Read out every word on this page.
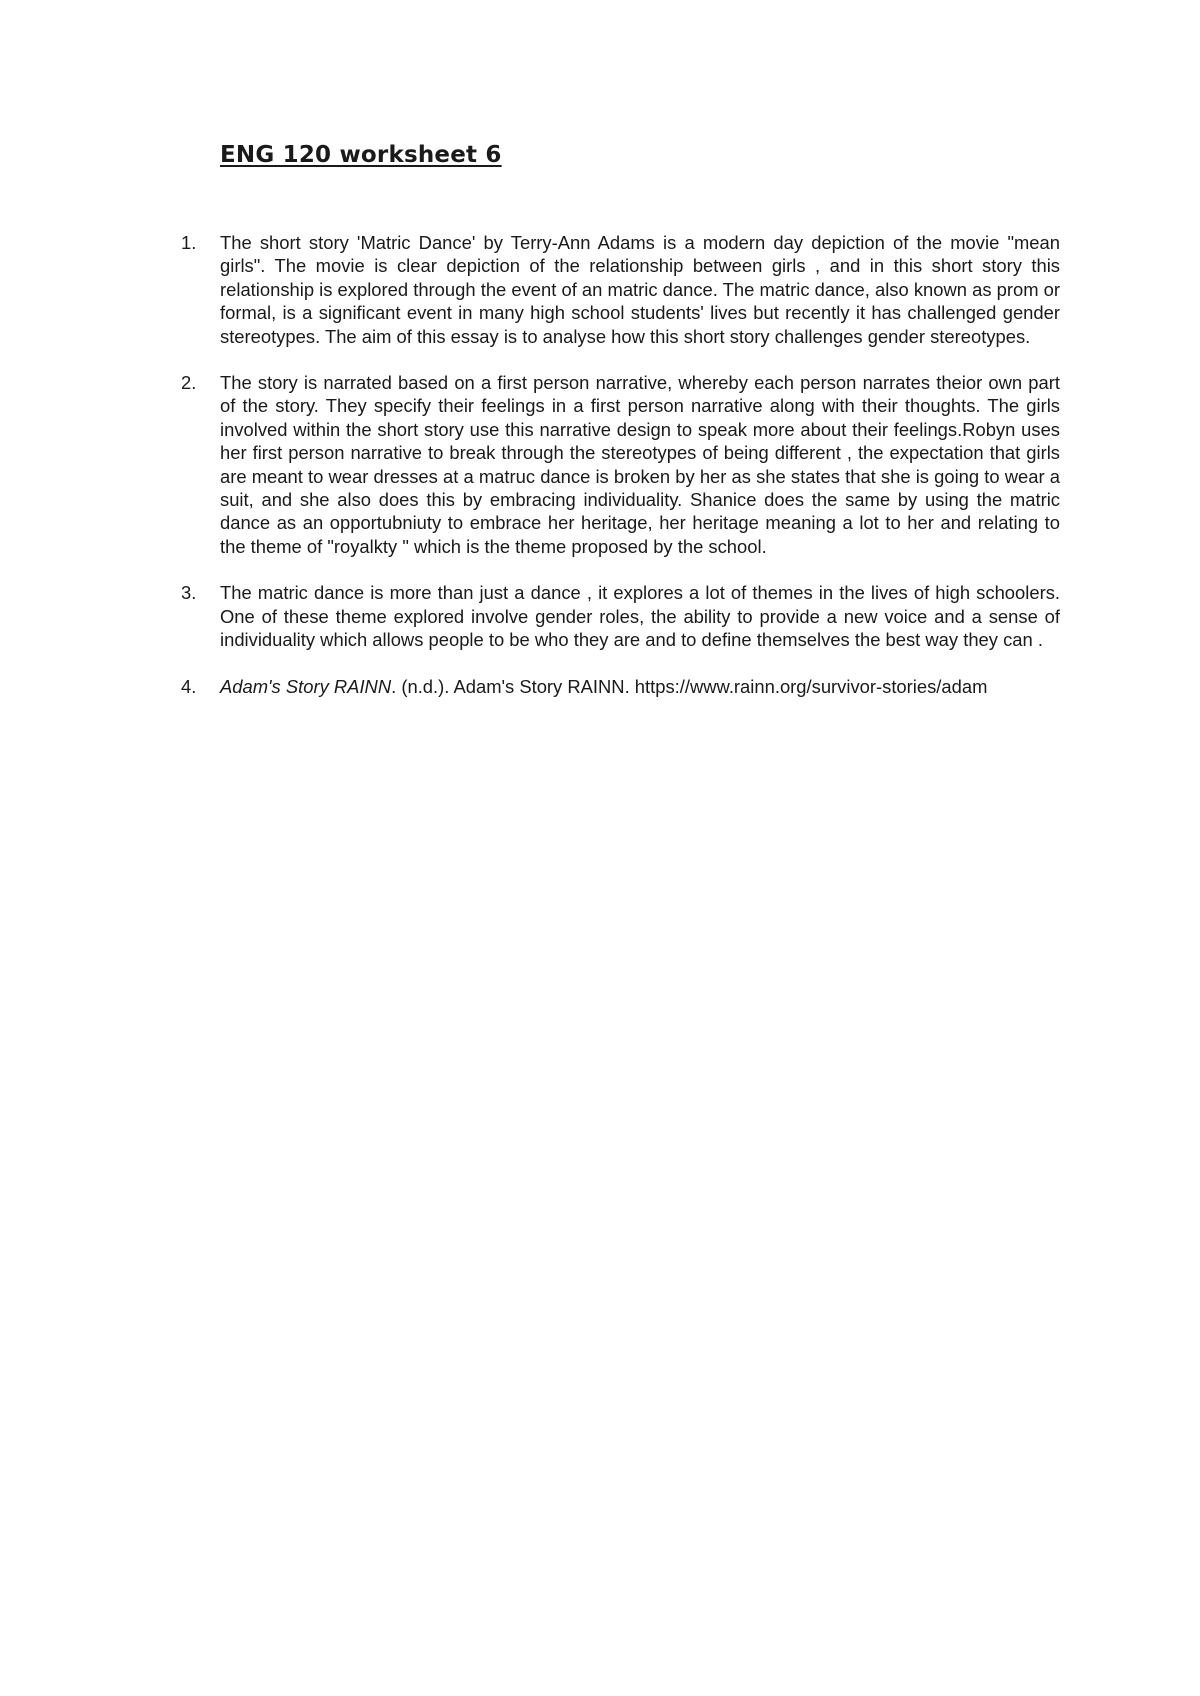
ENG 120 worksheet 6
1. The short story 'Matric Dance' by Terry-Ann Adams is a modern day depiction of the movie "mean girls". The movie is clear depiction of the relationship between girls , and in this short story this relationship is explored through the event of an matric dance. The matric dance, also known as prom or formal, is a significant event in many high school students' lives but recently it has challenged gender stereotypes. The aim of this essay is to analyse how this short story challenges gender stereotypes.

2. The story is narrated based on a first person narrative, whereby each person narrates theior own part of the story. They specify their feelings in a first person narrative along with their thoughts. The girls involved within the short story use this narrative design to speak more about their feelings.Robyn uses her first person narrative to break through the stereotypes of being different , the expectation that girls are meant to wear dresses at a matruc dance is broken by her as she states that she is going to wear a suit, and she also does this by embracing individuality. Shanice does the same by using the matric dance as an opportubniuty to embrace her heritage, her heritage meaning a lot to her and relating to the theme of "royalkty " which is the theme proposed by the school.

3. The matric dance is more than just a dance , it explores a lot of themes in the lives of high schoolers. One of these theme explored involve gender roles, the ability to provide a new voice and a sense of individuality which allows people to be who they are and to define themselves the best way they can .

4. Adam's Story RAINN. (n.d.). Adam's Story RAINN. https://www.rainn.org/survivor-stories/adam
